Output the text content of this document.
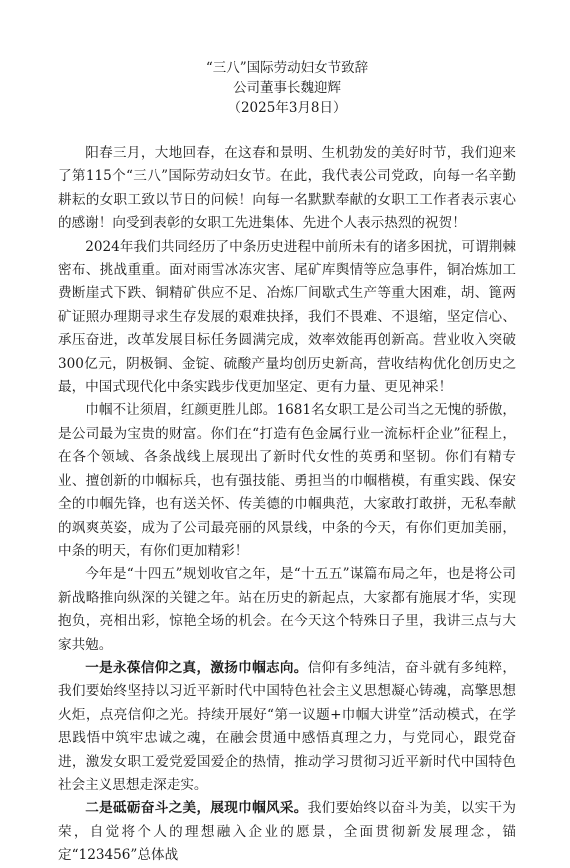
“三八”国际劳动妇女节致辞

公司董事长魏迎辉

（2025年3月8日）

阳春三月，大地回春，在这春和景明、生机勃发的美好时节，我们迎来了第115个“三八”国际劳动妇女节。在此，我代表公司党政，向每一名辛勤耕耘的女职工致以节日的问候！向每一名默默奉献的女职工工作者表示衷心的感谢！向受到表彰的女职工先进集体、先进个人表示热烈的祝贺！

2024年我们共同经历了中条历史进程中前所未有的诸多困扰，可谓荆棘密布、挑战重重。面对雨雪冰冻灾害、尾矿库舆情等应急事件，铜冶炼加工费断崖式下跌、铜精矿供应不足、冶炼厂间歇式生产等重大困难，胡、篦两矿证照办理期寻求生存发展的艰难抉择，我们不畏难、不退缩，坚定信心、承压奋进，改革发展目标任务圆满完成，效率效能再创新高。营业收入突破300亿元，阴极铜、金锭、硫酸产量均创历史新高，营收结构优化创历史之最，中国式现代化中条实践步伐更加坚定、更有力量、更见神采！

巾帼不让须眉，红颜更胜儿郎。1681名女职工是公司当之无愧的骄傲，是公司最为宝贵的财富。你们在“打造有色金属行业一流标杆企业”征程上，在各个领域、各条战线上展现出了新时代女性的英勇和坚韧。你们有精专业、擅创新的巾帼标兵，也有强技能、勇担当的巾帼楷模，有重实践、保安全的巾帼先锋，也有送关怀、传美德的巾帼典范，大家敢打敢拼，无私奉献的飒爽英姿，成为了公司最亮丽的风景线，中条的今天，有你们更加美丽，中条的明天，有你们更加精彩！

今年是“十四五”规划收官之年，是“十五五”谋篇布局之年，也是将公司新战略推向纵深的关键之年。站在历史的新起点，大家都有施展才华，实现抱负，亮相出彩，惊艳全场的机会。在今天这个特殊日子里，我讲三点与大家共勉。

一是永葆信仰之真，激扬巾帼志向。信仰有多纯洁，奋斗就有多纯粹，我们要始终坚持以习近平新时代中国特色社会主义思想凝心铸魂，高擎思想火炬，点亮信仰之光。持续开展好“第一议题+巾帼大讲堂”活动模式，在学思践悟中筑牢忠诚之魂，在融会贯通中感悟真理之力，与党同心，跟党奋进，激发女职工爱党爱国爱企的热情，推动学习贯彻习近平新时代中国特色社会主义思想走深走实。

二是砥砺奋斗之美，展现巾帼风采。我们要始终以奋斗为美，以实干为荣，自觉将个人的理想融入企业的愿景，全面贯彻新发展理念，锚定“123456”总体战
